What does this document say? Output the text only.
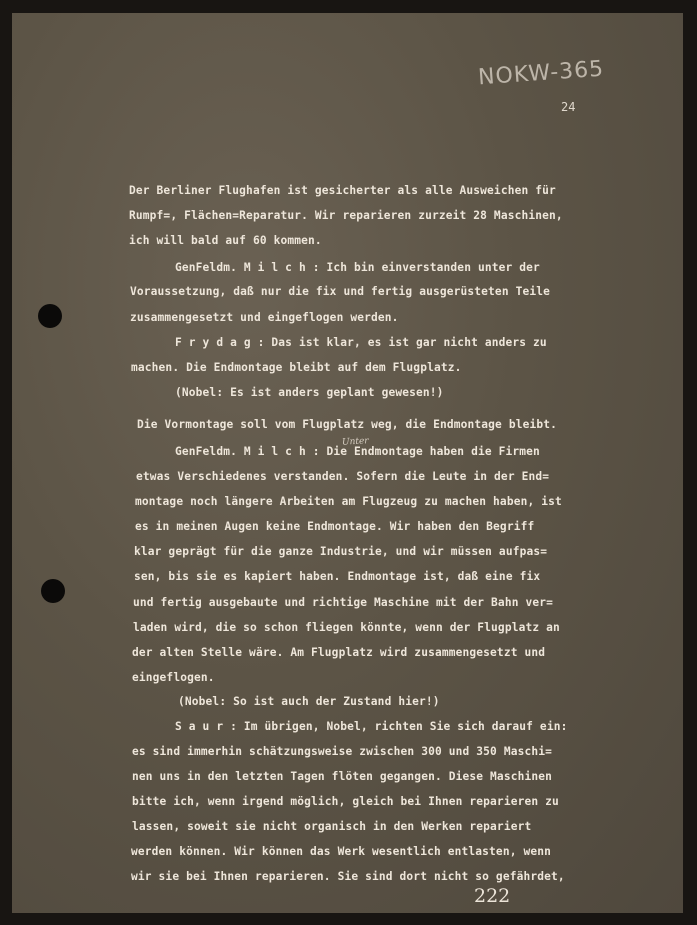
NOKW-365
24
Der Berliner Flughafen ist gesicherter als alle Ausweichen für
Rumpf=, Flächen=Reparatur. Wir reparieren zurzeit 28 Maschinen,
ich will bald auf 60 kommen.
GenFeldm. M i l c h : Ich bin einverstanden unter der
Voraussetzung, daß nur die fix und fertig ausgerüsteten Teile
zusammengesetzt und eingeflogen werden.
F r y d a g : Das ist klar, es ist gar nicht anders zu
machen. Die Endmontage bleibt auf dem Flugplatz.
(Nobel: Es ist anders geplant gewesen!)
Die Vormontage soll vom Flugplatz weg, die Endmontage bleibt.
Unter
GenFeldm. M i l c h : Die Endmontage haben die Firmen
etwas Verschiedenes verstanden. Sofern die Leute in der End=
montage noch längere Arbeiten am Flugzeug zu machen haben, ist
es in meinen Augen keine Endmontage. Wir haben den Begriff
klar geprägt für die ganze Industrie, und wir müssen aufpas=
sen, bis sie es kapiert haben. Endmontage ist, daß eine fix
und fertig ausgebaute und richtige Maschine mit der Bahn ver=
laden wird, die so schon fliegen könnte, wenn der Flugplatz an
der alten Stelle wäre. Am Flugplatz wird zusammengesetzt und
eingeflogen.
(Nobel: So ist auch der Zustand hier!)
S a u r : Im übrigen, Nobel, richten Sie sich darauf ein:
es sind immerhin schätzungsweise zwischen 300 und 350 Maschi=
nen uns in den letzten Tagen flöten gegangen. Diese Maschinen
bitte ich, wenn irgend möglich, gleich bei Ihnen reparieren zu
lassen, soweit sie nicht organisch in den Werken repariert
werden können. Wir können das Werk wesentlich entlasten, wenn
wir sie bei Ihnen reparieren. Sie sind dort nicht so gefährdet,
222
